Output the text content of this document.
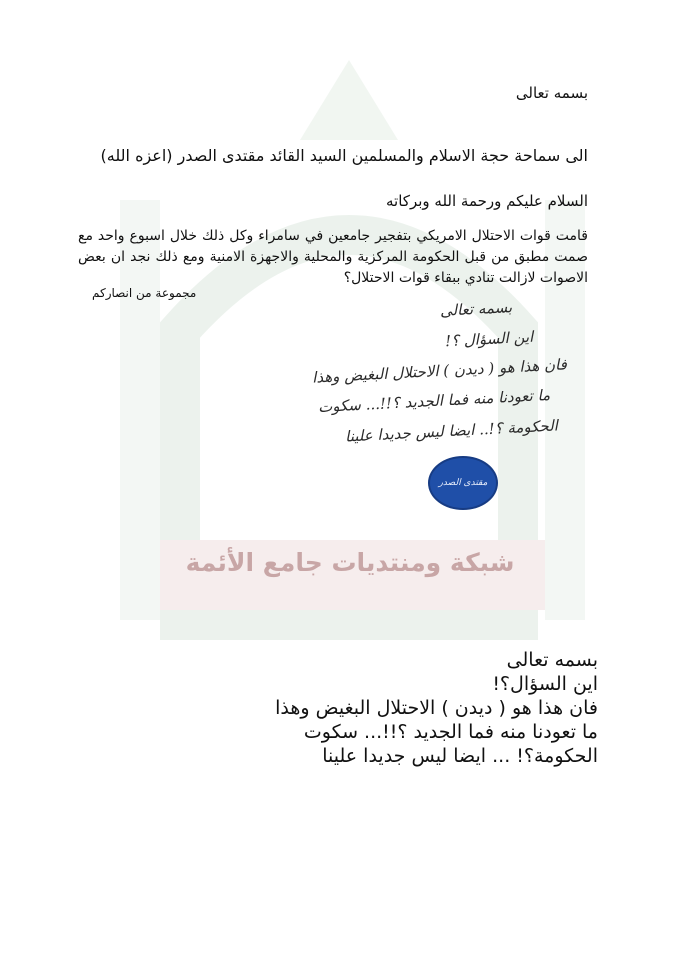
شبكة ومنتديات جامع الأئمة
بسمه تعالى
الى سماحة حجة الاسلام والمسلمين السيد القائد مقتدى الصدر (اعزه الله)
السلام عليكم ورحمة الله وبركاته
قامت قوات الاحتلال الامريكي بتفجير جامعين في سامراء وكل ذلك خلال اسبوع واحد مع صمت مطبق من قبل الحكومة المركزية والمحلية والاجهزة الامنية ومع ذلك نجد ان بعض الاصوات لازالت تنادي ببقاء قوات الاحتلال؟
مجموعة من انصاركم
بسمه تعالى
اين السؤال ؟!
فان هذا هو ( ديدن ) الاحتلال البغيض وهذا
ما تعودنا منه فما الجديد ؟!!... سكوت
الحكومة ؟!.. ايضا ليس جديدا علينا
مقتدى الصدر
بسمه تعالى
اين السؤال؟!
فان هذا هو ( ديدن ) الاحتلال البغيض وهذا
ما تعودنا منه فما الجديد ؟!!... سكوت
الحكومة؟! ... ايضا ليس جديدا علينا
